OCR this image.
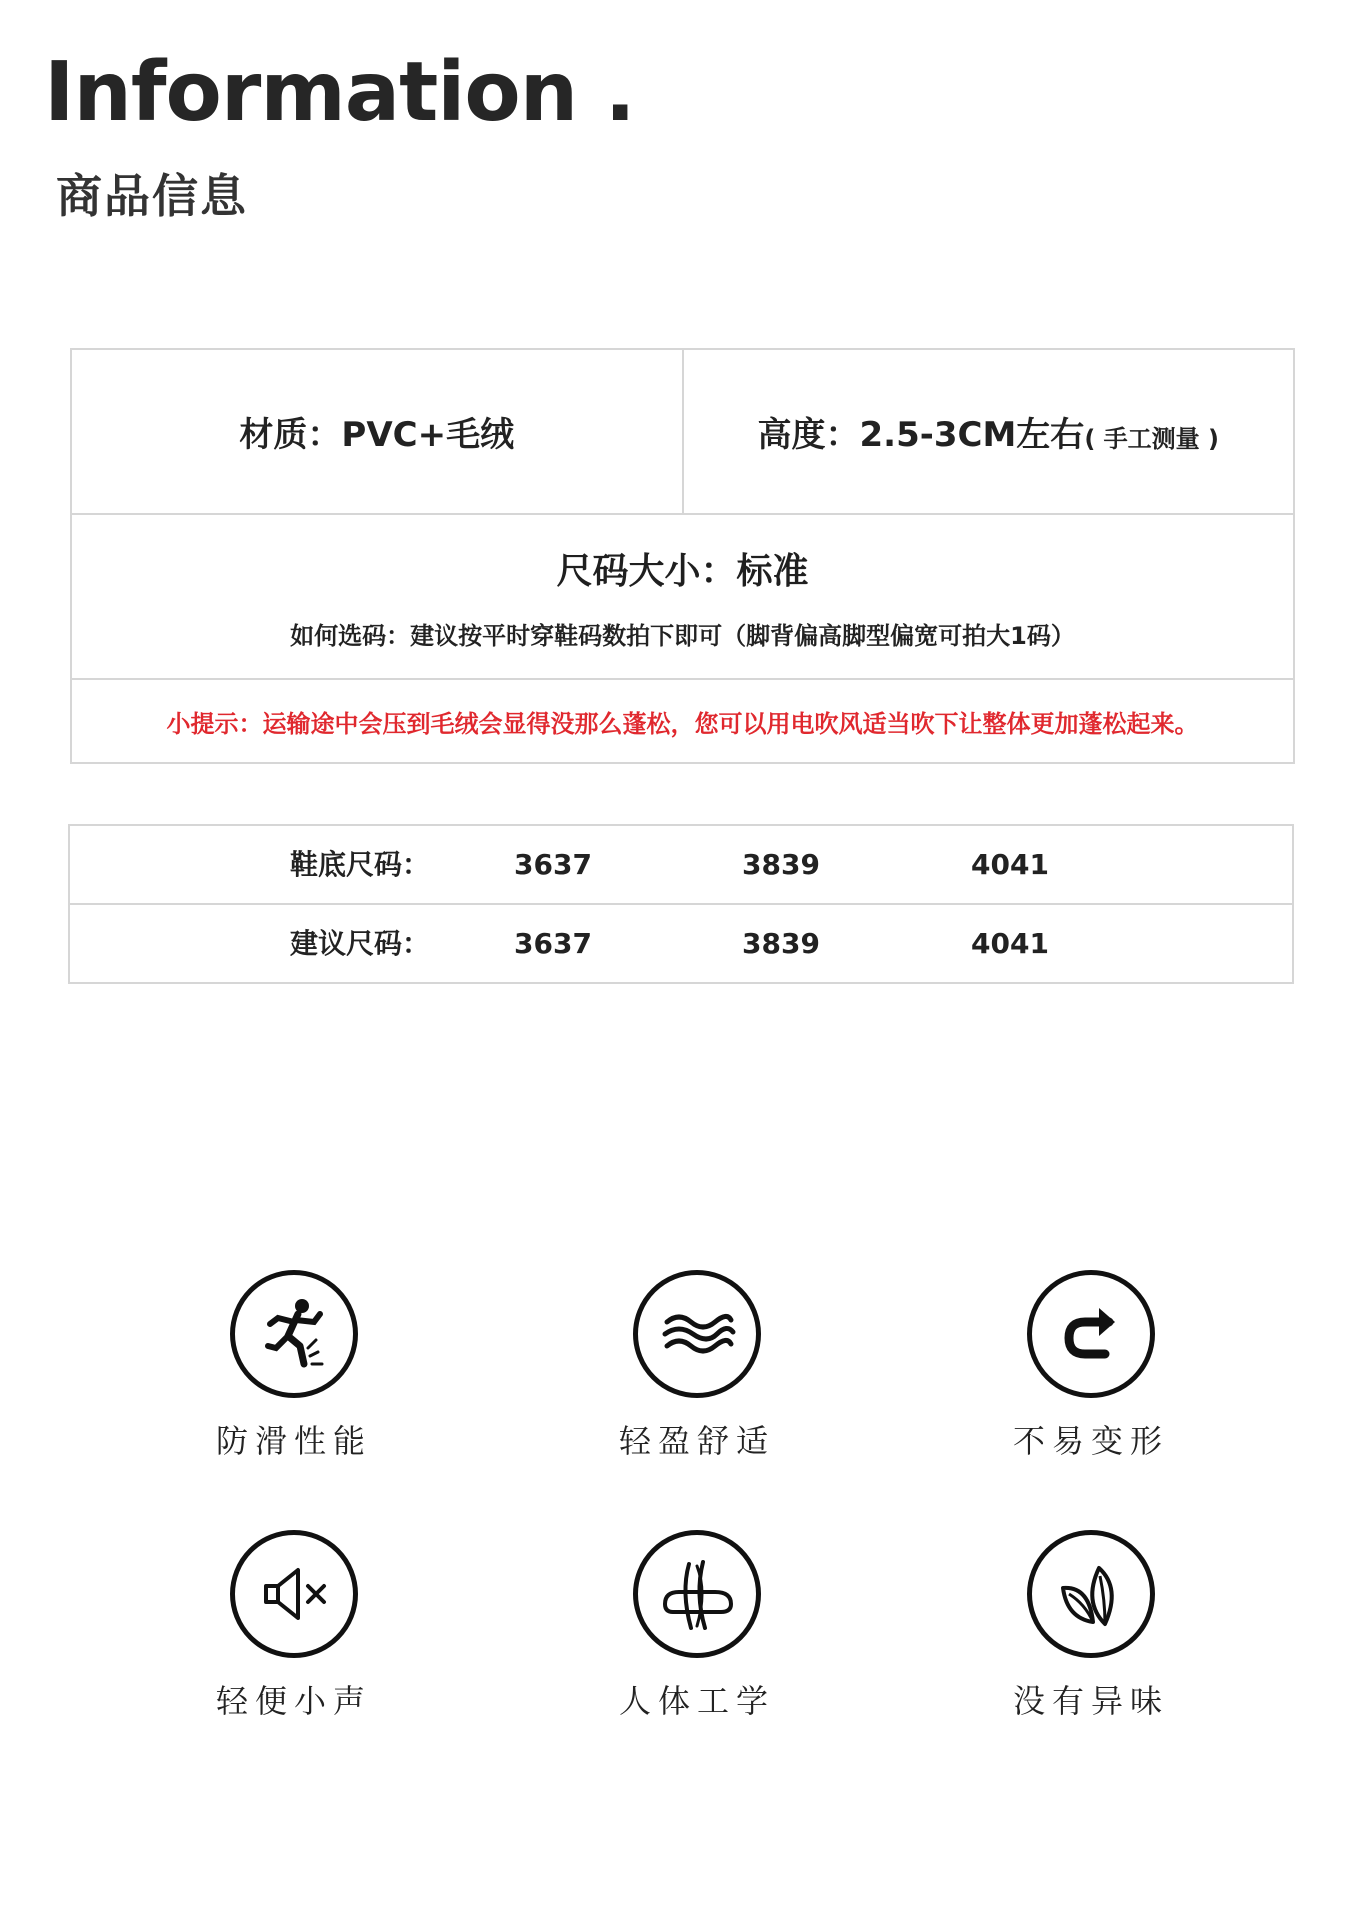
Information .
商品信息
材质：PVC+毛绒	高度：2.5-3CM左右 ( 手工测量 )
尺码大小：标准
如何选码：建议按平时穿鞋码数拍下即可（脚背偏高脚型偏宽可拍大1码）
小提示：运输途中会压到毛绒会显得没那么蓬松，您可以用电吹风适当吹下让整体更加蓬松起来。
鞋底尺码：	3637	3839	4041
建议尺码：	3637	3839	4041
防滑性能	轻盈舒适	不易变形
轻便小声	人体工学	没有异味
